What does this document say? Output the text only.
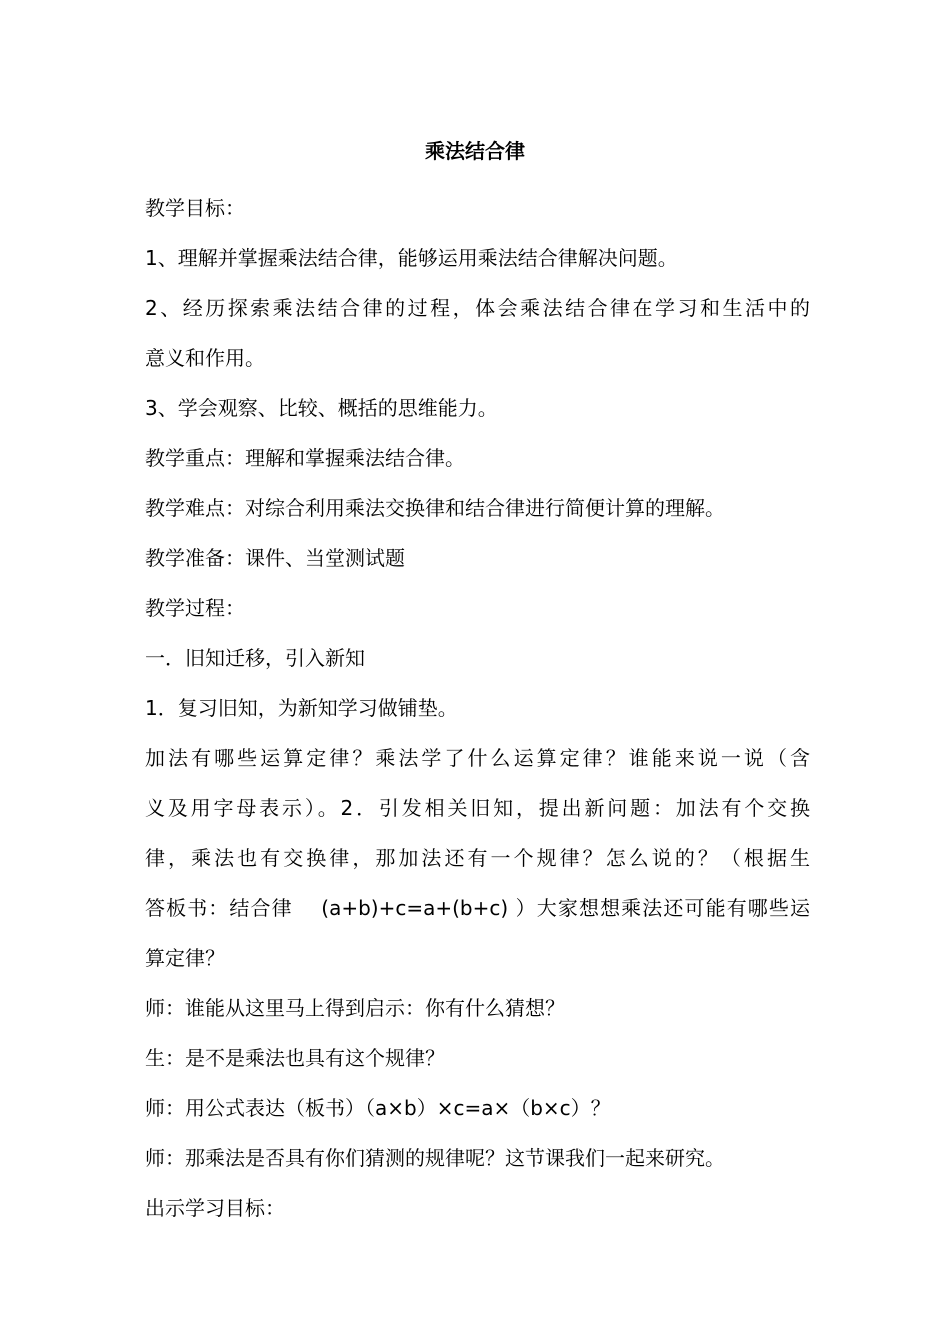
乘法结合律

教学目标：

1、理解并掌握乘法结合律，能够运用乘法结合律解决问题。

2、经历探索乘法结合律的过程，体会乘法结合律在学习和生活中的

意义和作用。

3、学会观察、比较、概括的思维能力。

教学重点：理解和掌握乘法结合律。

教学难点：对综合利用乘法交换律和结合律进行简便计算的理解。

教学准备：课件、当堂测试题

教学过程：

一．旧知迁移，引入新知

1．复习旧知，为新知学习做铺垫。

加法有哪些运算定律？乘法学了什么运算定律？谁能来说一说（含

义及用字母表示）。2．引发相关旧知，提出新问题：加法有个交换

律，乘法也有交换律，那加法还有一个规律？怎么说的？（根据生

答板书：结合律　 (a+b)+c=a+(b+c) ）大家想想乘法还可能有哪些运

算定律？

师：谁能从这里马上得到启示：你有什么猜想？

生：是不是乘法也具有这个规律？

师：用公式表达（板书）（a×b）×c=a×（b×c）？

师：那乘法是否具有你们猜测的规律呢？这节课我们一起来研究。

出示学习目标：
